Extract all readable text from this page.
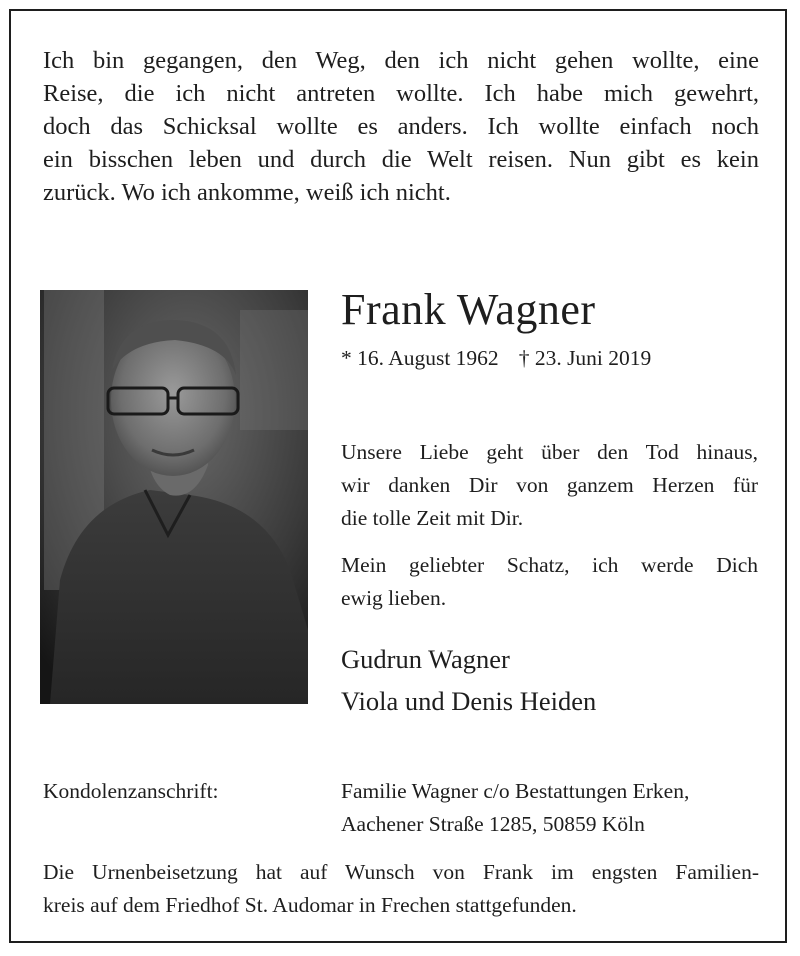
Ich bin gegangen, den Weg, den ich nicht gehen wollte, eine
Reise, die ich nicht antreten wollte. Ich habe mich gewehrt,
doch das Schicksal wollte es anders. Ich wollte einfach noch
ein bisschen leben und durch die Welt reisen. Nun gibt es kein
zurück. Wo ich ankomme, weiß ich nicht.

Frank Wagner
* 16. August 1962 † 23. Juni 2019

Unsere Liebe geht über den Tod hinaus,
wir danken Dir von ganzem Herzen für
die tolle Zeit mit Dir.

Mein geliebter Schatz, ich werde Dich
ewig lieben.

Gudrun Wagner
Viola und Denis Heiden
Kondolenzanschrift:	Familie Wagner c/o Bestattungen Erken,
Aachener Straße 1285, 50859 Köln

Die Urnenbeisetzung hat auf Wunsch von Frank im engsten Familien-
kreis auf dem Friedhof St. Audomar in Frechen stattgefunden.
